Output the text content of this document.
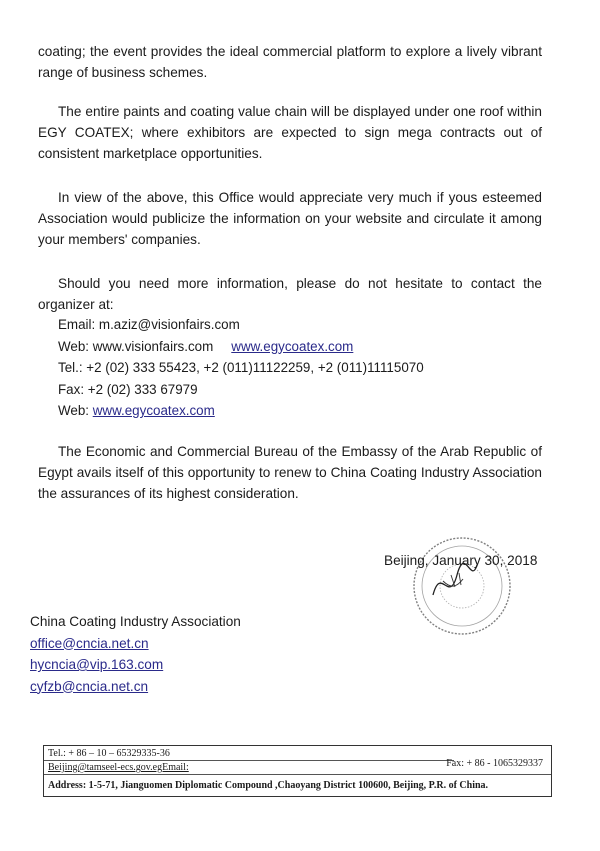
coating; the event provides the ideal commercial platform to explore a lively vibrant range of business schemes.

The entire paints and coating value chain will be displayed under one roof within EGY COATEX; where exhibitors are expected to sign mega contracts out of consistent marketplace opportunities.

In view of the above, this Office would appreciate very much if yous esteemed Association would publicize the information on your website and circulate it among your members' companies.

Should you need more information, please do not hesitate to contact the organizer at:

Email: m.aziz@visionfairs.com
Web: www.visionfairs.com www.egycoatex.com
Tel.: +2 (02) 333 55423, +2 (011)11122259, +2 (011)11115070
Fax: +2 (02) 333 67979
Web: www.egycoatex.com

The Economic and Commercial Bureau of the Embassy of the Arab Republic of Egypt avails itself of this opportunity to renew to China Coating Industry Association the assurances of its highest consideration.

Beijing, January 30, 2018
China Coating Industry Association
office@cncia.net.cn
hycncia@vip.163.com
cyfzb@cncia.net.cn
Tel.: + 86 – 10 – 65329335-36
Fax: + 86 - 1065329337
Beijing@tamseel-ecs.gov.egEmail:
Address: 1-5-71, Jianguomen Diplomatic Compound ,Chaoyang District 100600, Beijing, P.R. of China.
